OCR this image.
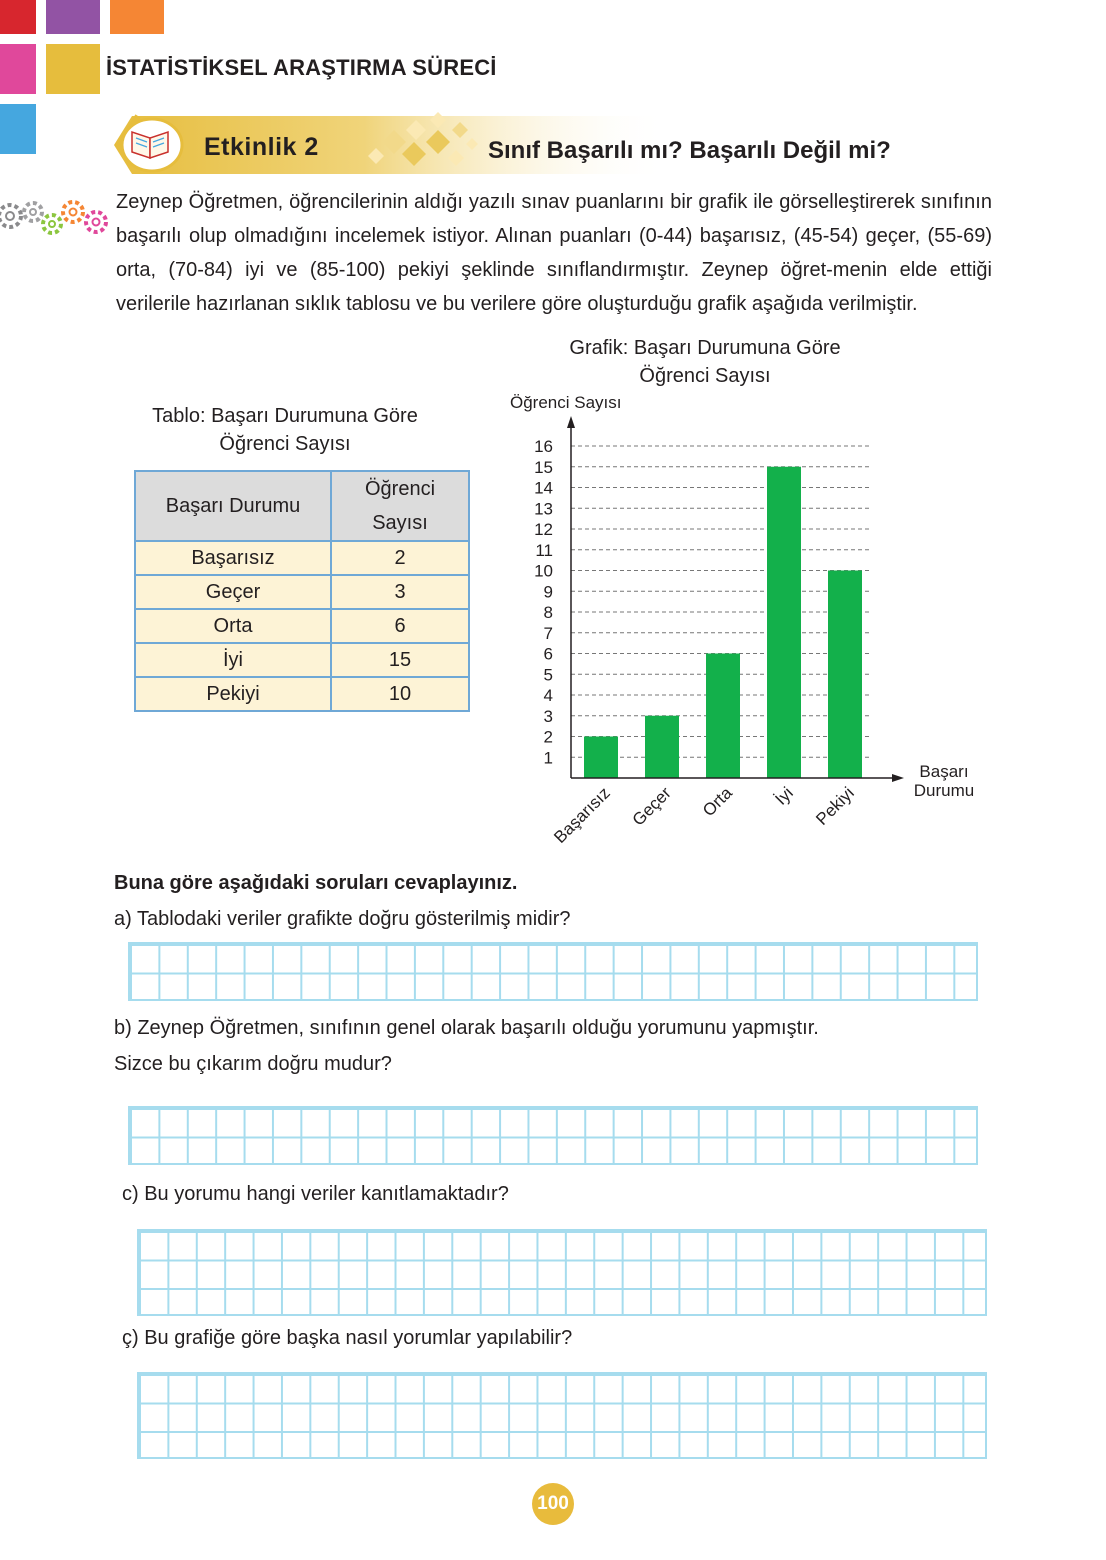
İSTATİSTİKSEL ARAŞTIRMA SÜRECİ
Etkinlik 2	Sınıf Başarılı mı? Başarılı Değil mi?

Zeynep Öğretmen, öğrencilerinin aldığı yazılı sınav puanlarını bir grafik ile görselleştirerek sınıfının başarılı olup olmadığını incelemek istiyor. Alınan puanları (0-44) başarısız, (45-54) geçer, (55-69) orta, (70-84) iyi ve (85-100) pekiyi şeklinde sınıflandırmıştır. Zeynep öğret-menin elde ettiği verilerile hazırlanan sıklık tablosu ve bu verilere göre oluşturduğu grafik aşağıda verilmiştir.

Tablo: Başarı Durumuna Göre
Öğrenci Sayısı
Başarı Durumu	Öğrenci
Sayısı

Başarısız	2
Geçer	3
Orta	6
İyi	15
Pekiyi	10
Grafik: Başarı Durumuna Göre
Öğrenci Sayısı
1
2
3
4
5
6
7
8
9
10
11
12
13
14
15
16
Başarısız Geçer Orta İyi Pekiyi
Öğrenci Sayısı
Başarı
Durumu
Buna göre aşağıdaki soruları cevaplayınız.
a) Tablodaki veriler grafikte doğru gösterilmiş midir?
b) Zeynep Öğretmen, sınıfının genel olarak başarılı olduğu yorumunu yapmıştır.
Sizce bu çıkarım doğru mudur?
c) Bu yorumu hangi veriler kanıtlamaktadır?
ç) Bu grafiğe göre başka nasıl yorumlar yapılabilir?
100
